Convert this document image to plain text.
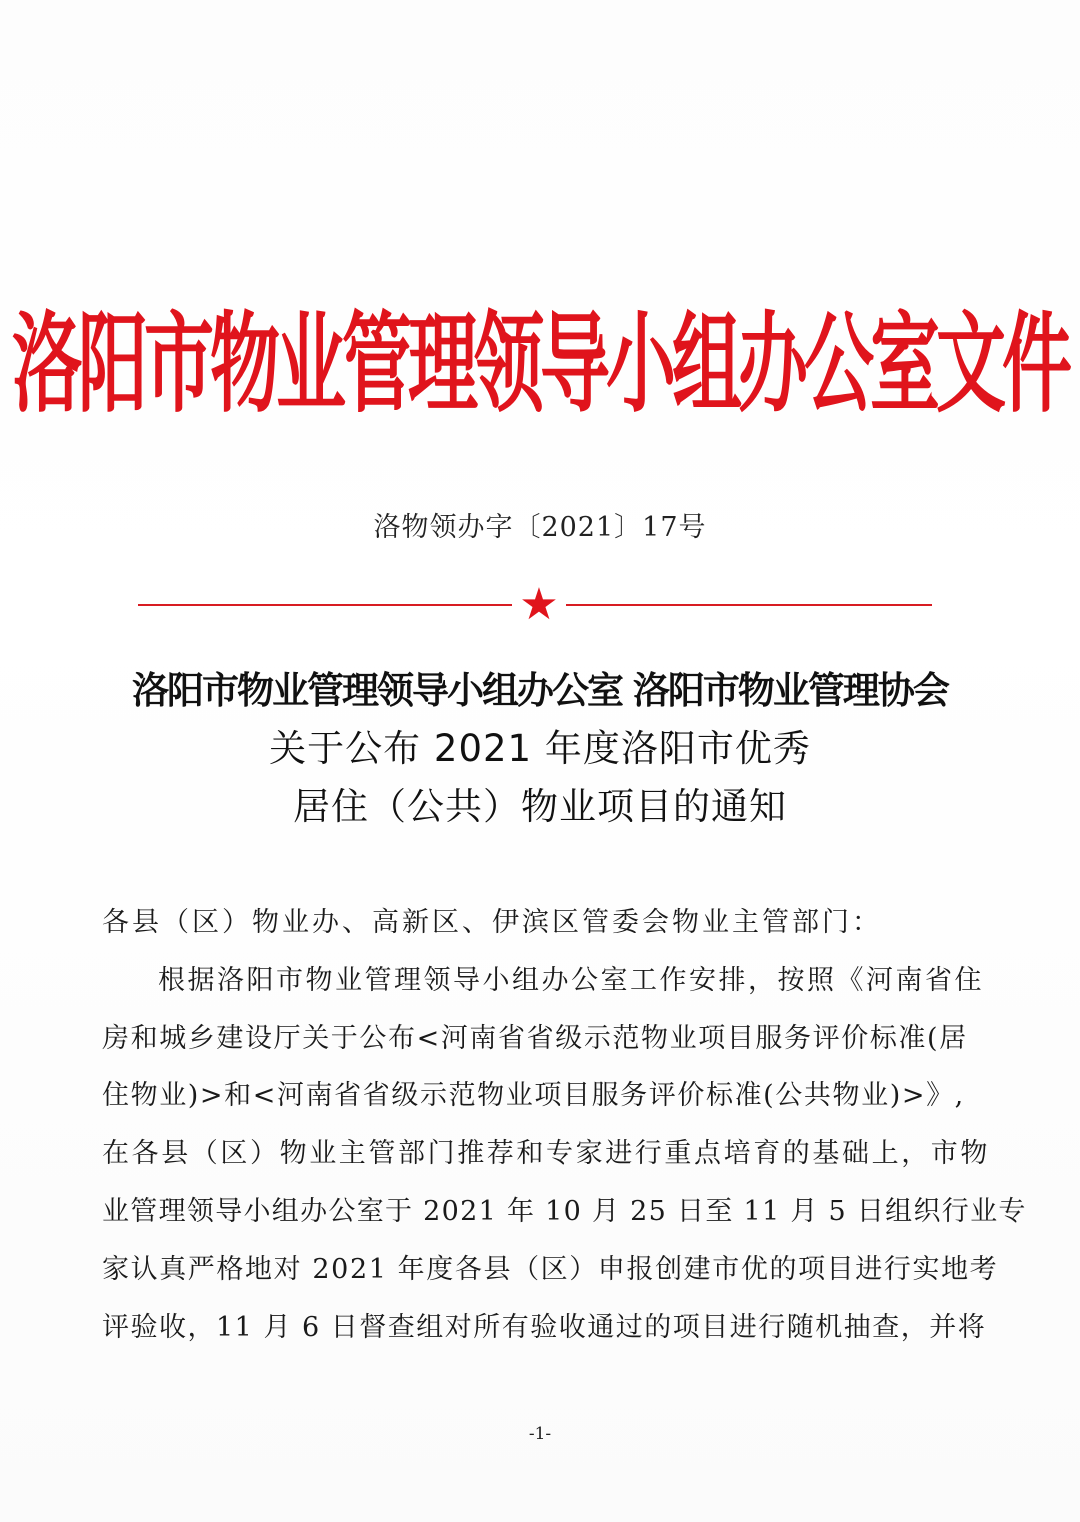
洛阳市物业管理领导小组办公室文件
洛物领办字〔2021〕17号
★
洛阳市物业管理领导小组办公室 洛阳市物业管理协会
关于公布 2021 年度洛阳市优秀
居住（公共）物业项目的通知
各县（区）物业办、高新区、伊滨区管委会物业主管部门：
根据洛阳市物业管理领导小组办公室工作安排，按照《河南省住
房和城乡建设厅关于公布<河南省省级示范物业项目服务评价标准(居
住物业)>和<河南省省级示范物业项目服务评价标准(公共物业)>》,
在各县（区）物业主管部门推荐和专家进行重点培育的基础上，市物
业管理领导小组办公室于 2021 年 10 月 25 日至 11 月 5 日组织行业专
家认真严格地对 2021 年度各县（区）申报创建市优的项目进行实地考
评验收，11 月 6 日督查组对所有验收通过的项目进行随机抽查，并将
-1-
